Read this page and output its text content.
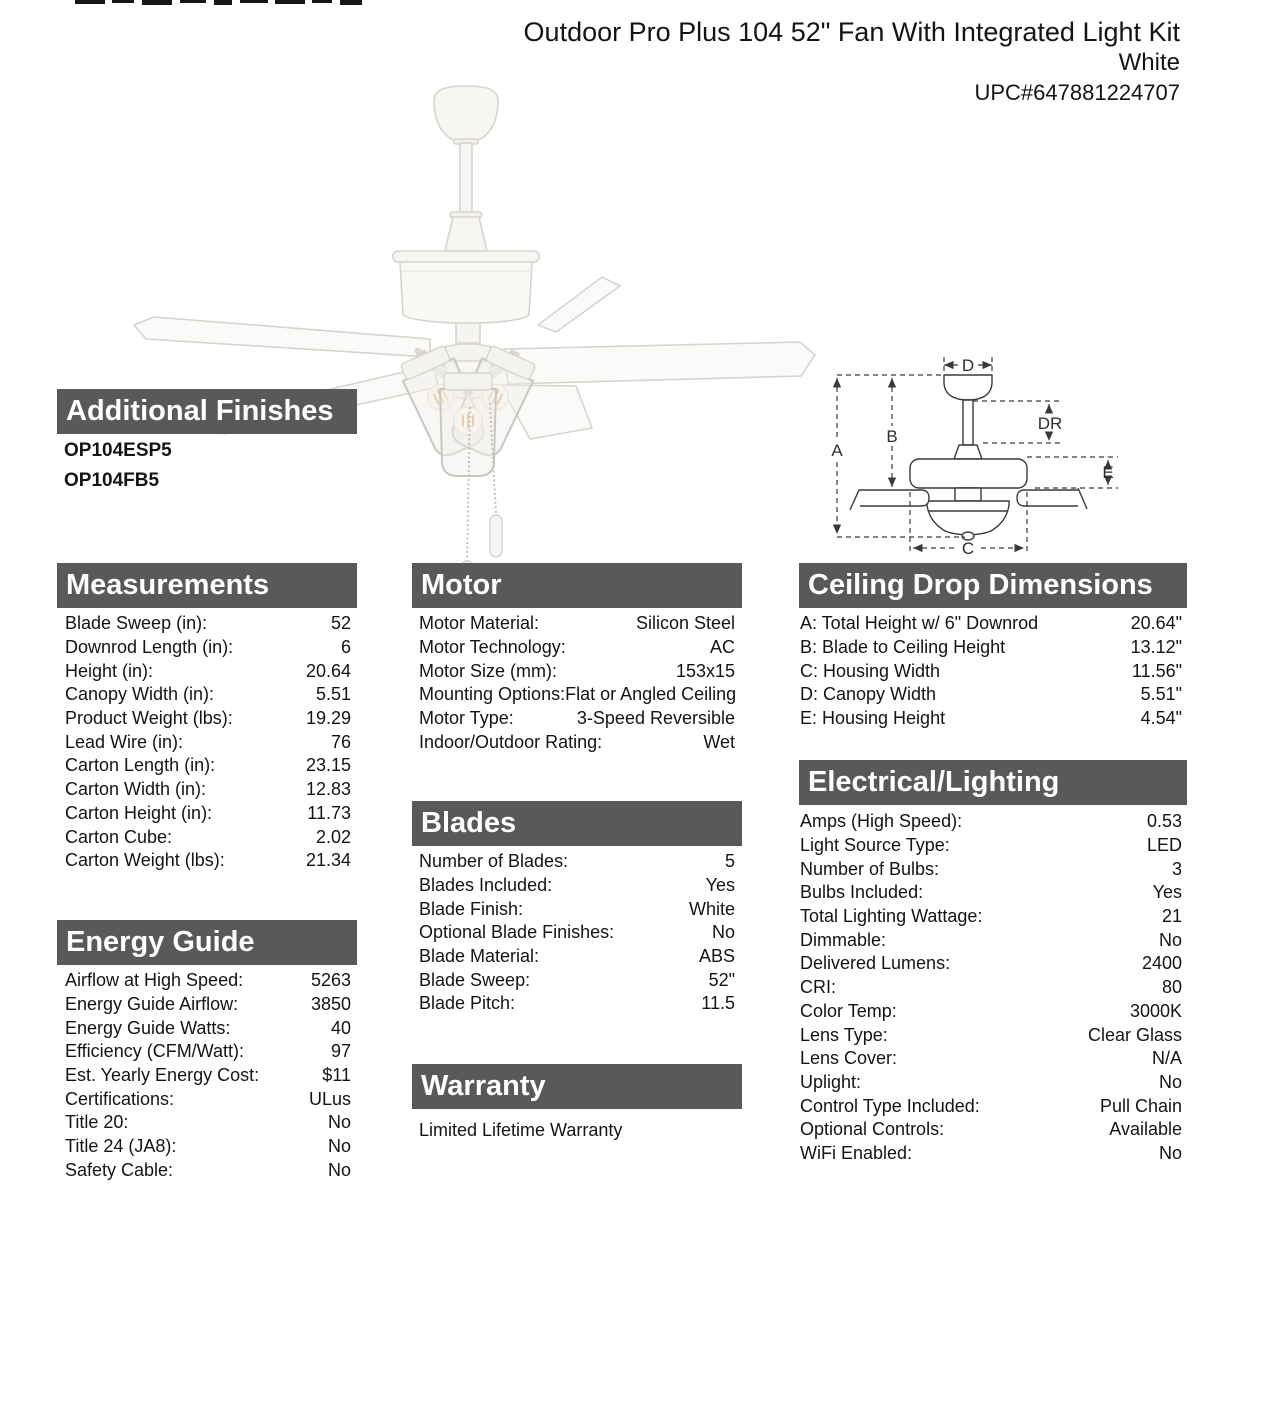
Outdoor Pro Plus 104 52" Fan With Integrated Light Kit
White
UPC#647881224707
A
B
C
D
E
DR
Additional Finishes
OP104ESP5
OP104FB5
Measurements
Blade Sweep (in):	52
Downrod Length (in):	6
Height (in):	20.64
Canopy Width (in):	5.51
Product Weight (lbs):	19.29
Lead Wire (in):	76
Carton Length (in):	23.15
Carton Width (in):	12.83
Carton Height (in):	11.73
Carton Cube:	2.02
Carton Weight (lbs):	21.34
Energy Guide
Airflow at High Speed:	5263
Energy Guide Airflow:	3850
Energy Guide Watts:	40
Efficiency (CFM/Watt):	97
Est. Yearly Energy Cost:	$11
Certifications:	ULus
Title 20:	No
Title 24 (JA8):	No
Safety Cable:	No
Motor
Motor Material:	Silicon Steel
Motor Technology:	AC
Motor Size (mm):	153x15
Mounting Options: Flat or Angled Ceiling
Motor Type:	3-Speed Reversible
Indoor/Outdoor Rating:	Wet
Blades
Number of Blades:	5
Blades Included:	Yes
Blade Finish:	White
Optional Blade Finishes:	No
Blade Material:	ABS
Blade Sweep:	52"
Blade Pitch:	11.5
Warranty
Limited Lifetime Warranty
Ceiling Drop Dimensions
A: Total Height w/ 6" Downrod	20.64"
B: Blade to Ceiling Height	13.12"
C: Housing Width	11.56"
D: Canopy Width	5.51"
E: Housing Height	4.54"
Electrical/Lighting
Amps (High Speed):	0.53
Light Source Type:	LED
Number of Bulbs:	3
Bulbs Included:	Yes
Total Lighting Wattage:	21
Dimmable:	No
Delivered Lumens:	2400
CRI:	80
Color Temp:	3000K
Lens Type:	Clear Glass
Lens Cover:	N/A
Uplight:	No
Control Type Included:	Pull Chain
Optional Controls:	Available
WiFi Enabled:	No
